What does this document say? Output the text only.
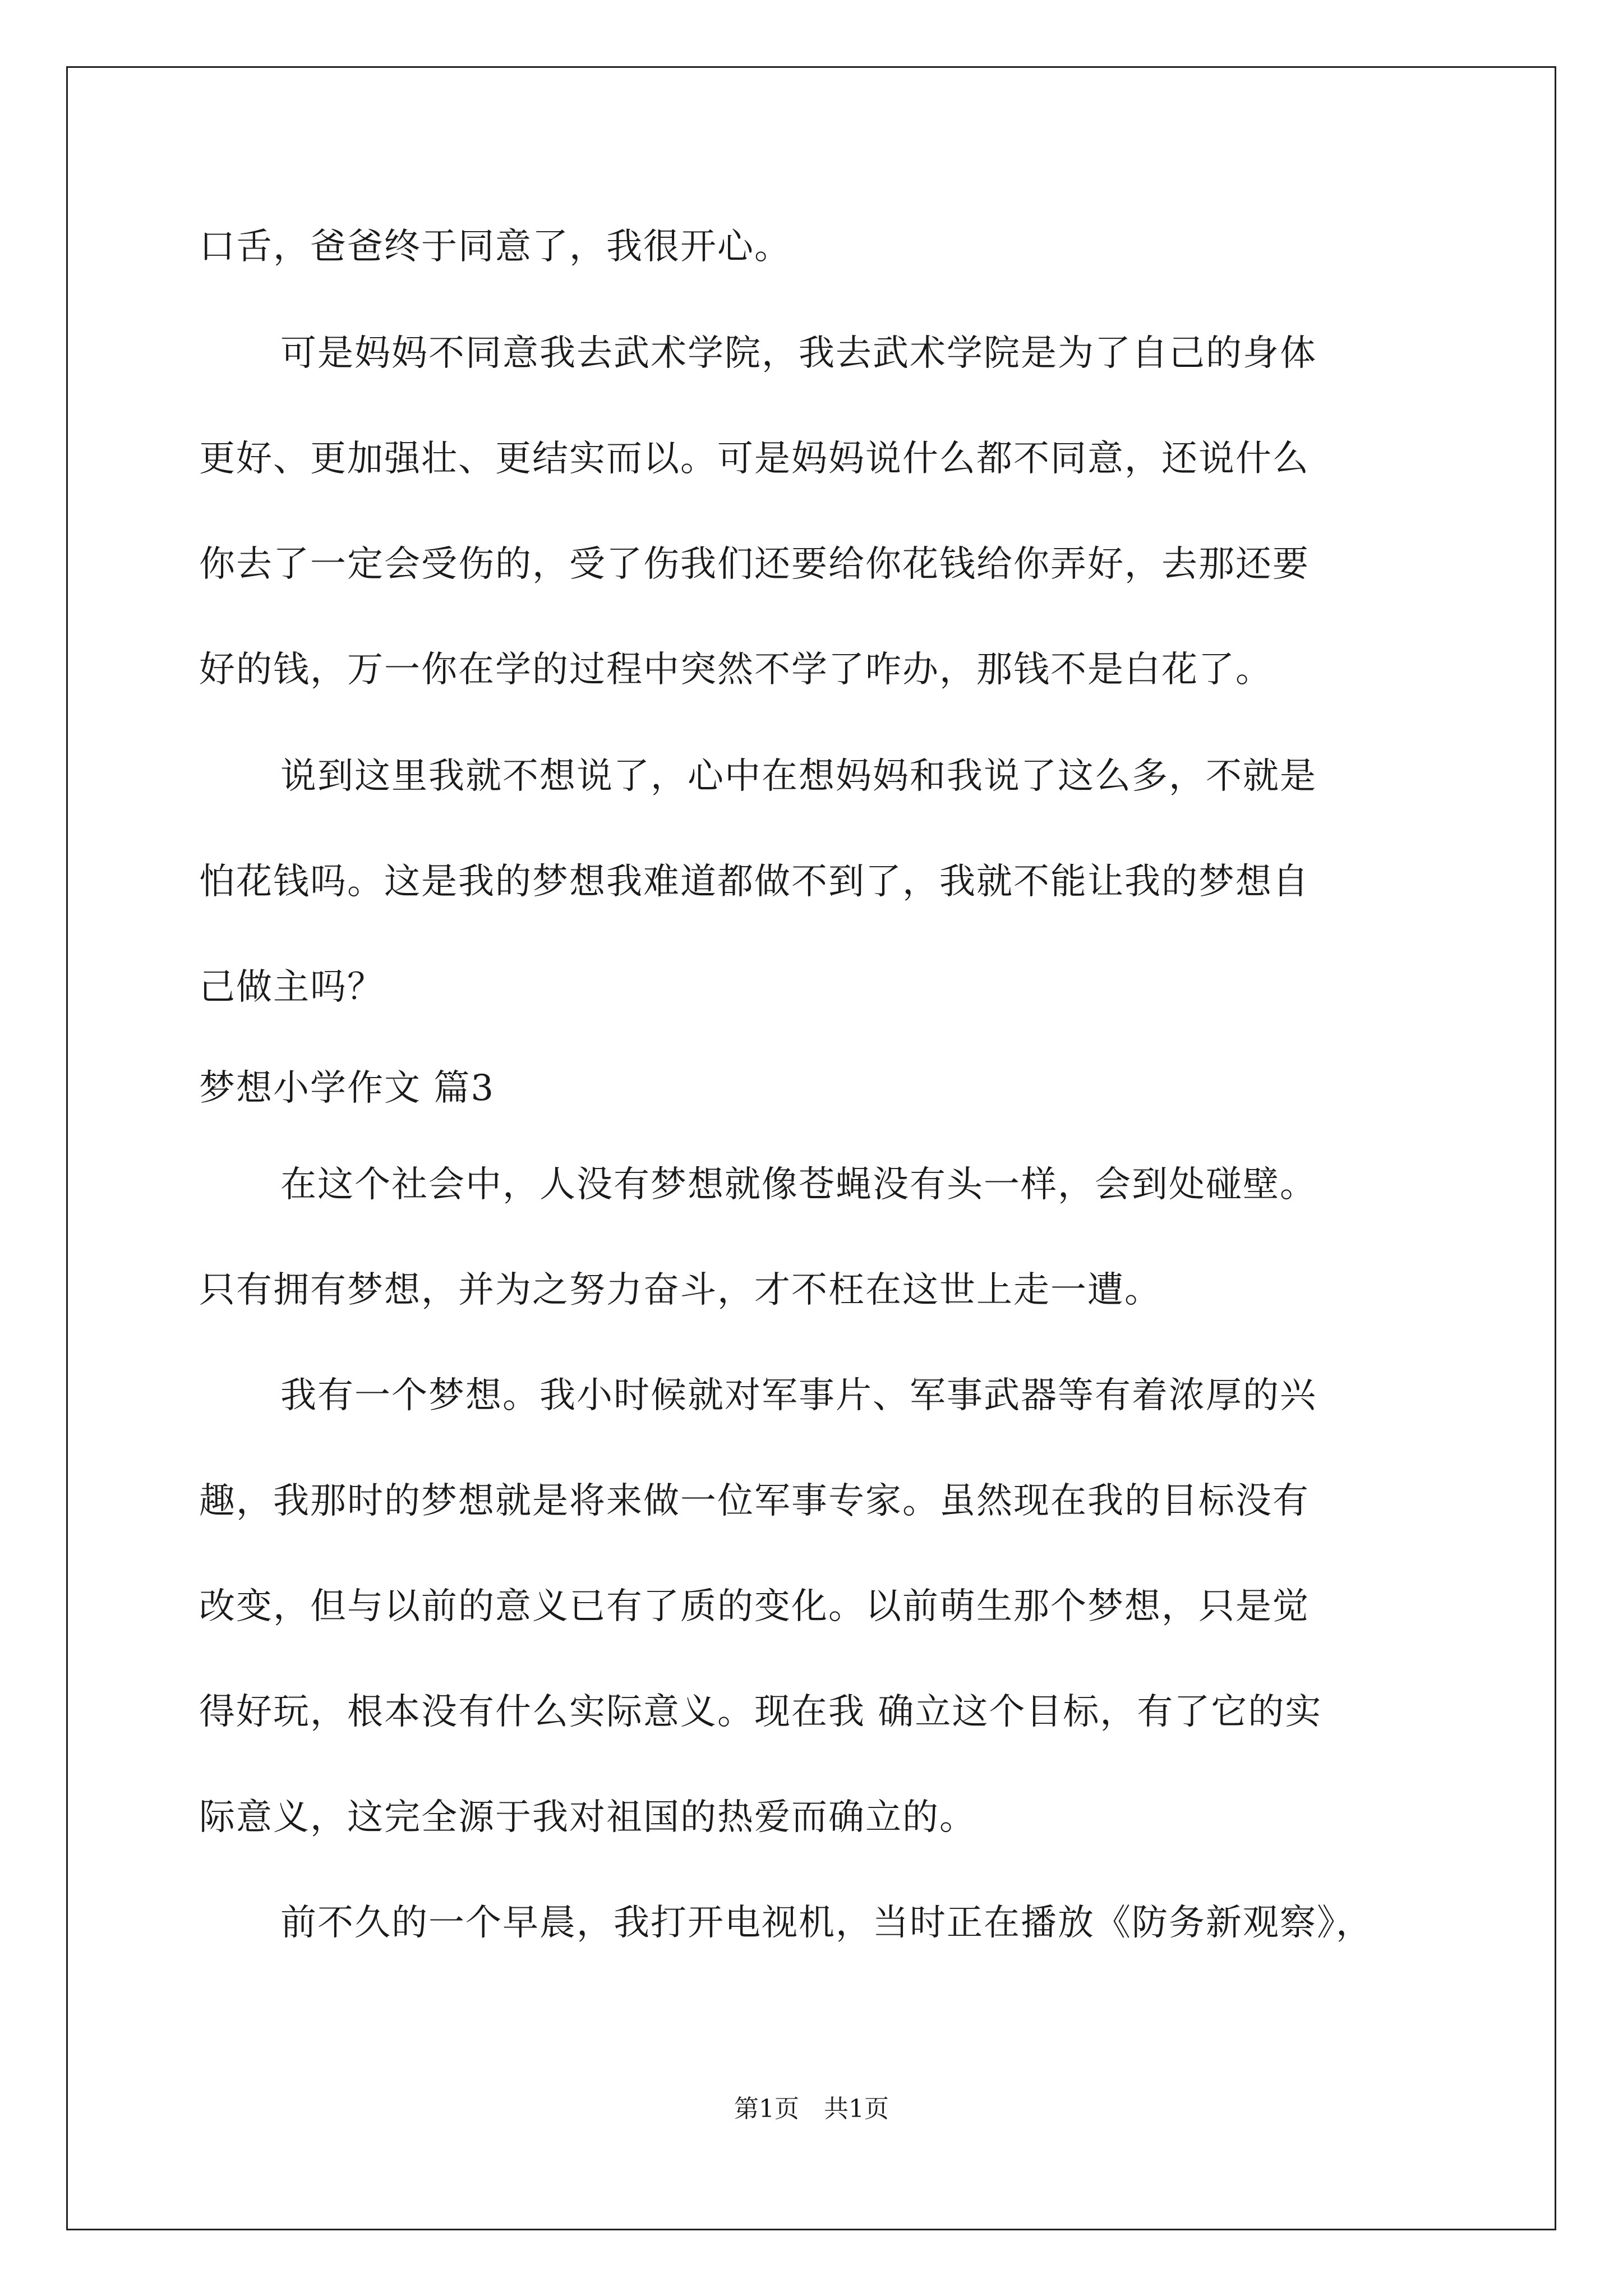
口舌，爸爸终于同意了，我很开心。
可是妈妈不同意我去武术学院，我去武术学院是为了自己的身体
更好、更加强壮、更结实而以。可是妈妈说什么都不同意，还说什么
你去了一定会受伤的，受了伤我们还要给你花钱给你弄好，去那还要
好的钱，万一你在学的过程中突然不学了咋办，那钱不是白花了。
说到这里我就不想说了，心中在想妈妈和我说了这么多，不就是
怕花钱吗。这是我的梦想我难道都做不到了，我就不能让我的梦想自
己做主吗？
梦想小学作文 篇3
在这个社会中，人没有梦想就像苍蝇没有头一样，会到处碰壁。
只有拥有梦想，并为之努力奋斗，才不枉在这世上走一遭。
我有一个梦想。我小时候就对军事片、军事武器等有着浓厚的兴
趣，我那时的梦想就是将来做一位军事专家。虽然现在我的目标没有
改变，但与以前的意义已有了质的变化。以前萌生那个梦想，只是觉
得好玩，根本没有什么实际意义。现在我 确立这个目标，有了它的实
际意义，这完全源于我对祖国的热爱而确立的。
前不久的一个早晨，我打开电视机，当时正在播放《防务新观察》，
第1页　共1页
